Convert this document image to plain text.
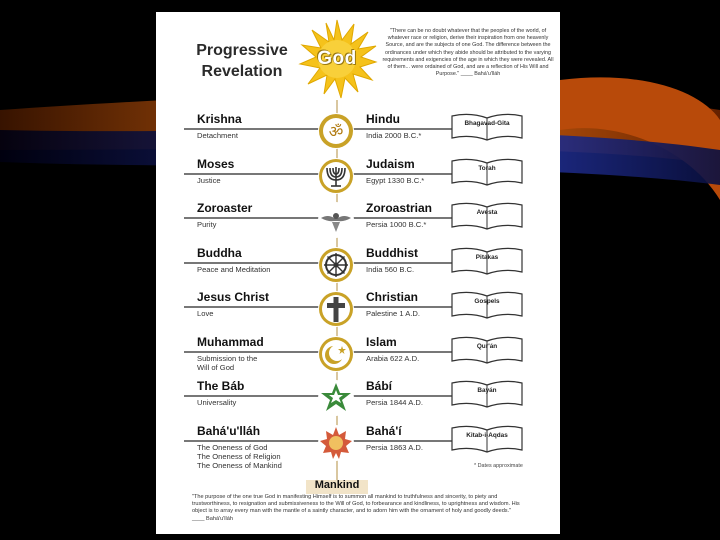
Progressive
Revelation
God
"There can be no doubt whatever that the peoples of the world, of whatever race or religion, derive their inspiration from one heavenly Source, and are the subjects of one God. The difference between the ordinances under which they abide should be attributed to the varying requirements and exigencies of the age in which they were revealed. All of them... were ordained of God, and are a reflection of His Will and Purpose." ____ Bahá'u'lláh
Krishna
Detachment	ॐ
Hindu
India 2000 B.C.*
Bhagavad-Gita
Moses
Justice
Judaism
Egypt 1330 B.C.*
Torah
Zoroaster
Purity
Zoroastrian
Persia 1000 B.C.*
Avesta
Buddha
Peace and Meditation
Buddhist
India 560 B.C.
Pitakas
Jesus Christ
Love
Christian
Palestine 1 A.D.
Gospels
Muhammad
Submission to the Will of God
Islam
Arabia 622 A.D.
Qur'án
The Báb
Universality
Bábí
Persia 1844 A.D.
Bayán
Bahá'u'lláh
The Oneness of God
The Oneness of Religion
The Oneness of Mankind
Bahá'í
Persia 1863 A.D.
Kitab-i-Aqdas
* Dates approximate
Mankind
"The purpose of the one true God in manifesting Himself is to summon all mankind to truthfulness and sincerity, to piety and trustworthiness, to resignation and submissiveness to the Will of God, to forbearance and kindliness, to uprightness and wisdom. His object is to array every man with the mantle of a saintly character, and to adorn him with the ornament of holy and goodly deeds." ____ Bahá'u'lláh
